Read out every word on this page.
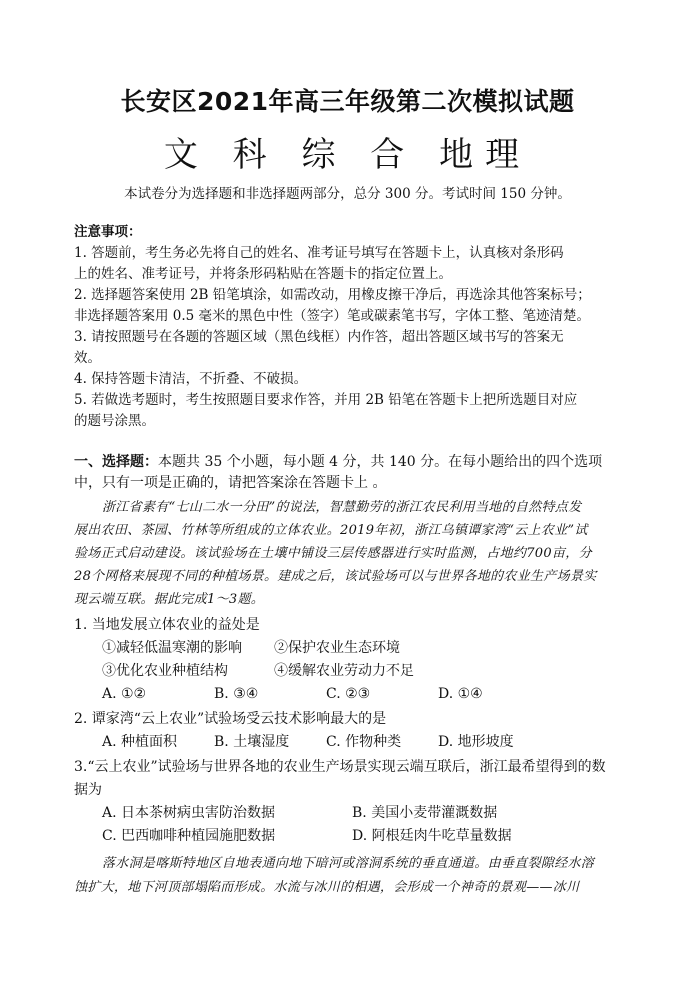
长安区2021年高三年级第二次模拟试题
文 科 综 合 地理
本试卷分为选择题和非选择题两部分，总分 300 分。考试时间 150 分钟。
注意事项：
1. 答题前，考生务必先将自己的姓名、准考证号填写在答题卡上，认真核对条形码
上的姓名、准考证号，并将条形码粘贴在答题卡的指定位置上。
2. 选择题答案使用 2B 铅笔填涂，如需改动，用橡皮擦干净后，再选涂其他答案标号；
非选择题答案用 0.5 毫米的黑色中性（签字）笔或碳素笔书写，字体工整、笔迹清楚。
3. 请按照题号在各题的答题区域（黑色线框）内作答，超出答题区域书写的答案无
效。
4. 保持答题卡清洁，不折叠、不破损。
5. 若做选考题时，考生按照题目要求作答，并用 2B 铅笔在答题卡上把所选题目对应
的题号涂黑。
一、选择题：本题共 35 个小题，每小题 4 分，共 140 分。在每小题给出的四个选项
中，只有一项是正确的，请把答案涂在答题卡上 。
浙江省素有“七山二水一分田”的说法，智慧勤劳的浙江农民利用当地的自然特点发
展出农田、茶园、竹林等所组成的立体农业。2019年初，浙江乌镇谭家湾“云上农业”试
验场正式启动建设。该试验场在土壤中铺设三层传感器进行实时监测，占地约700亩，分
28个网格来展现不同的种植场景。建成之后，该试验场可以与世界各地的农业生产场景实
现云端互联。据此完成1～3题。
1. 当地发展立体农业的益处是
①减轻低温寒潮的影响	②保护农业生态环境
③优化农业种植结构	④缓解农业劳动力不足
A. ①②	B. ③④	C. ②③	D. ①④
2. 谭家湾“云上农业”试验场受云技术影响最大的是
A. 种植面积	B. 土壤湿度	C. 作物种类	D. 地形坡度
3.“云上农业”试验场与世界各地的农业生产场景实现云端互联后，浙江最希望得到的数
据为
A. 日本茶树病虫害防治数据	B. 美国小麦带灌溉数据
C. 巴西咖啡种植园施肥数据	D. 阿根廷肉牛吃草量数据
落水洞是喀斯特地区自地表通向地下暗河或溶洞系统的垂直通道。由垂直裂隙经水溶
蚀扩大，地下河顶部塌陷而形成。水流与冰川的相遇，会形成一个神奇的景观——冰川
